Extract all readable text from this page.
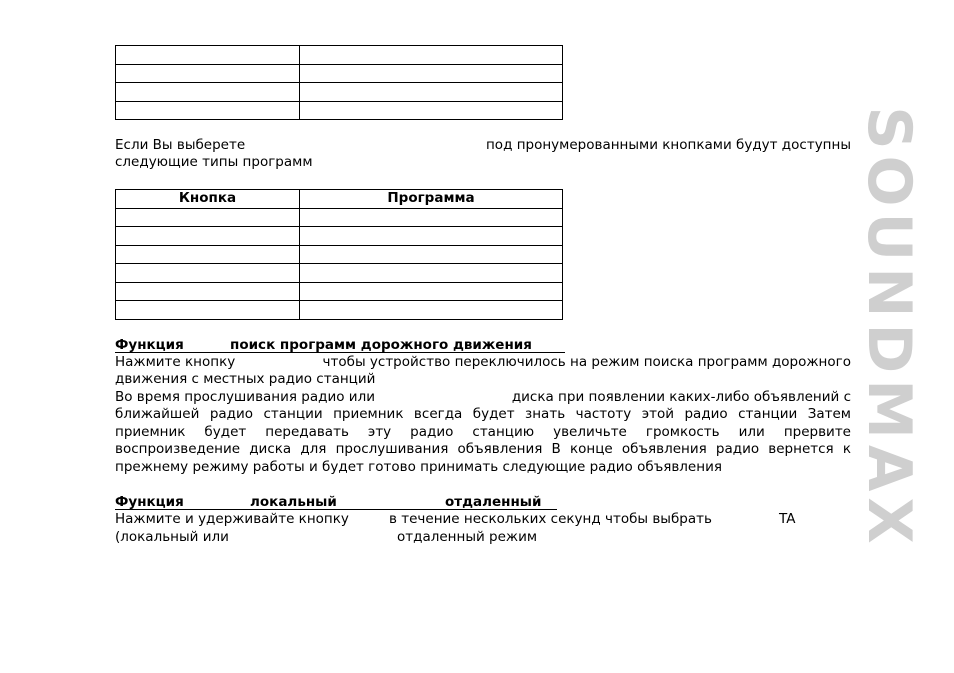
SOUNDMAX

Если Вы выберете	под пронумерованными кнопками будут доступны
следующие типы программ
Кнопка	Программа

Функция	поиск программ дорожного движения
Нажмите кнопку	чтобы устройство переключилось на режим поиска программ дорожного
движения с местных радио станций
Во время прослушивания радио или	диска при появлении каких-либо объявлений с
ближайшей радио станции приемник всегда будет знать частоту этой радио станции Затем
приемник будет передавать эту радио станцию увеличьте громкость или прервите
воспроизведение диска для прослушивания объявления В конце объявления радио вернется к
прежнему режиму работы и будет готово принимать следующие радио объявления
Функция	локальный	отдаленный
Нажмите и удерживайте кнопку	в течение нескольких секунд чтобы выбрать	TA
(локальный или	отдаленный режим
